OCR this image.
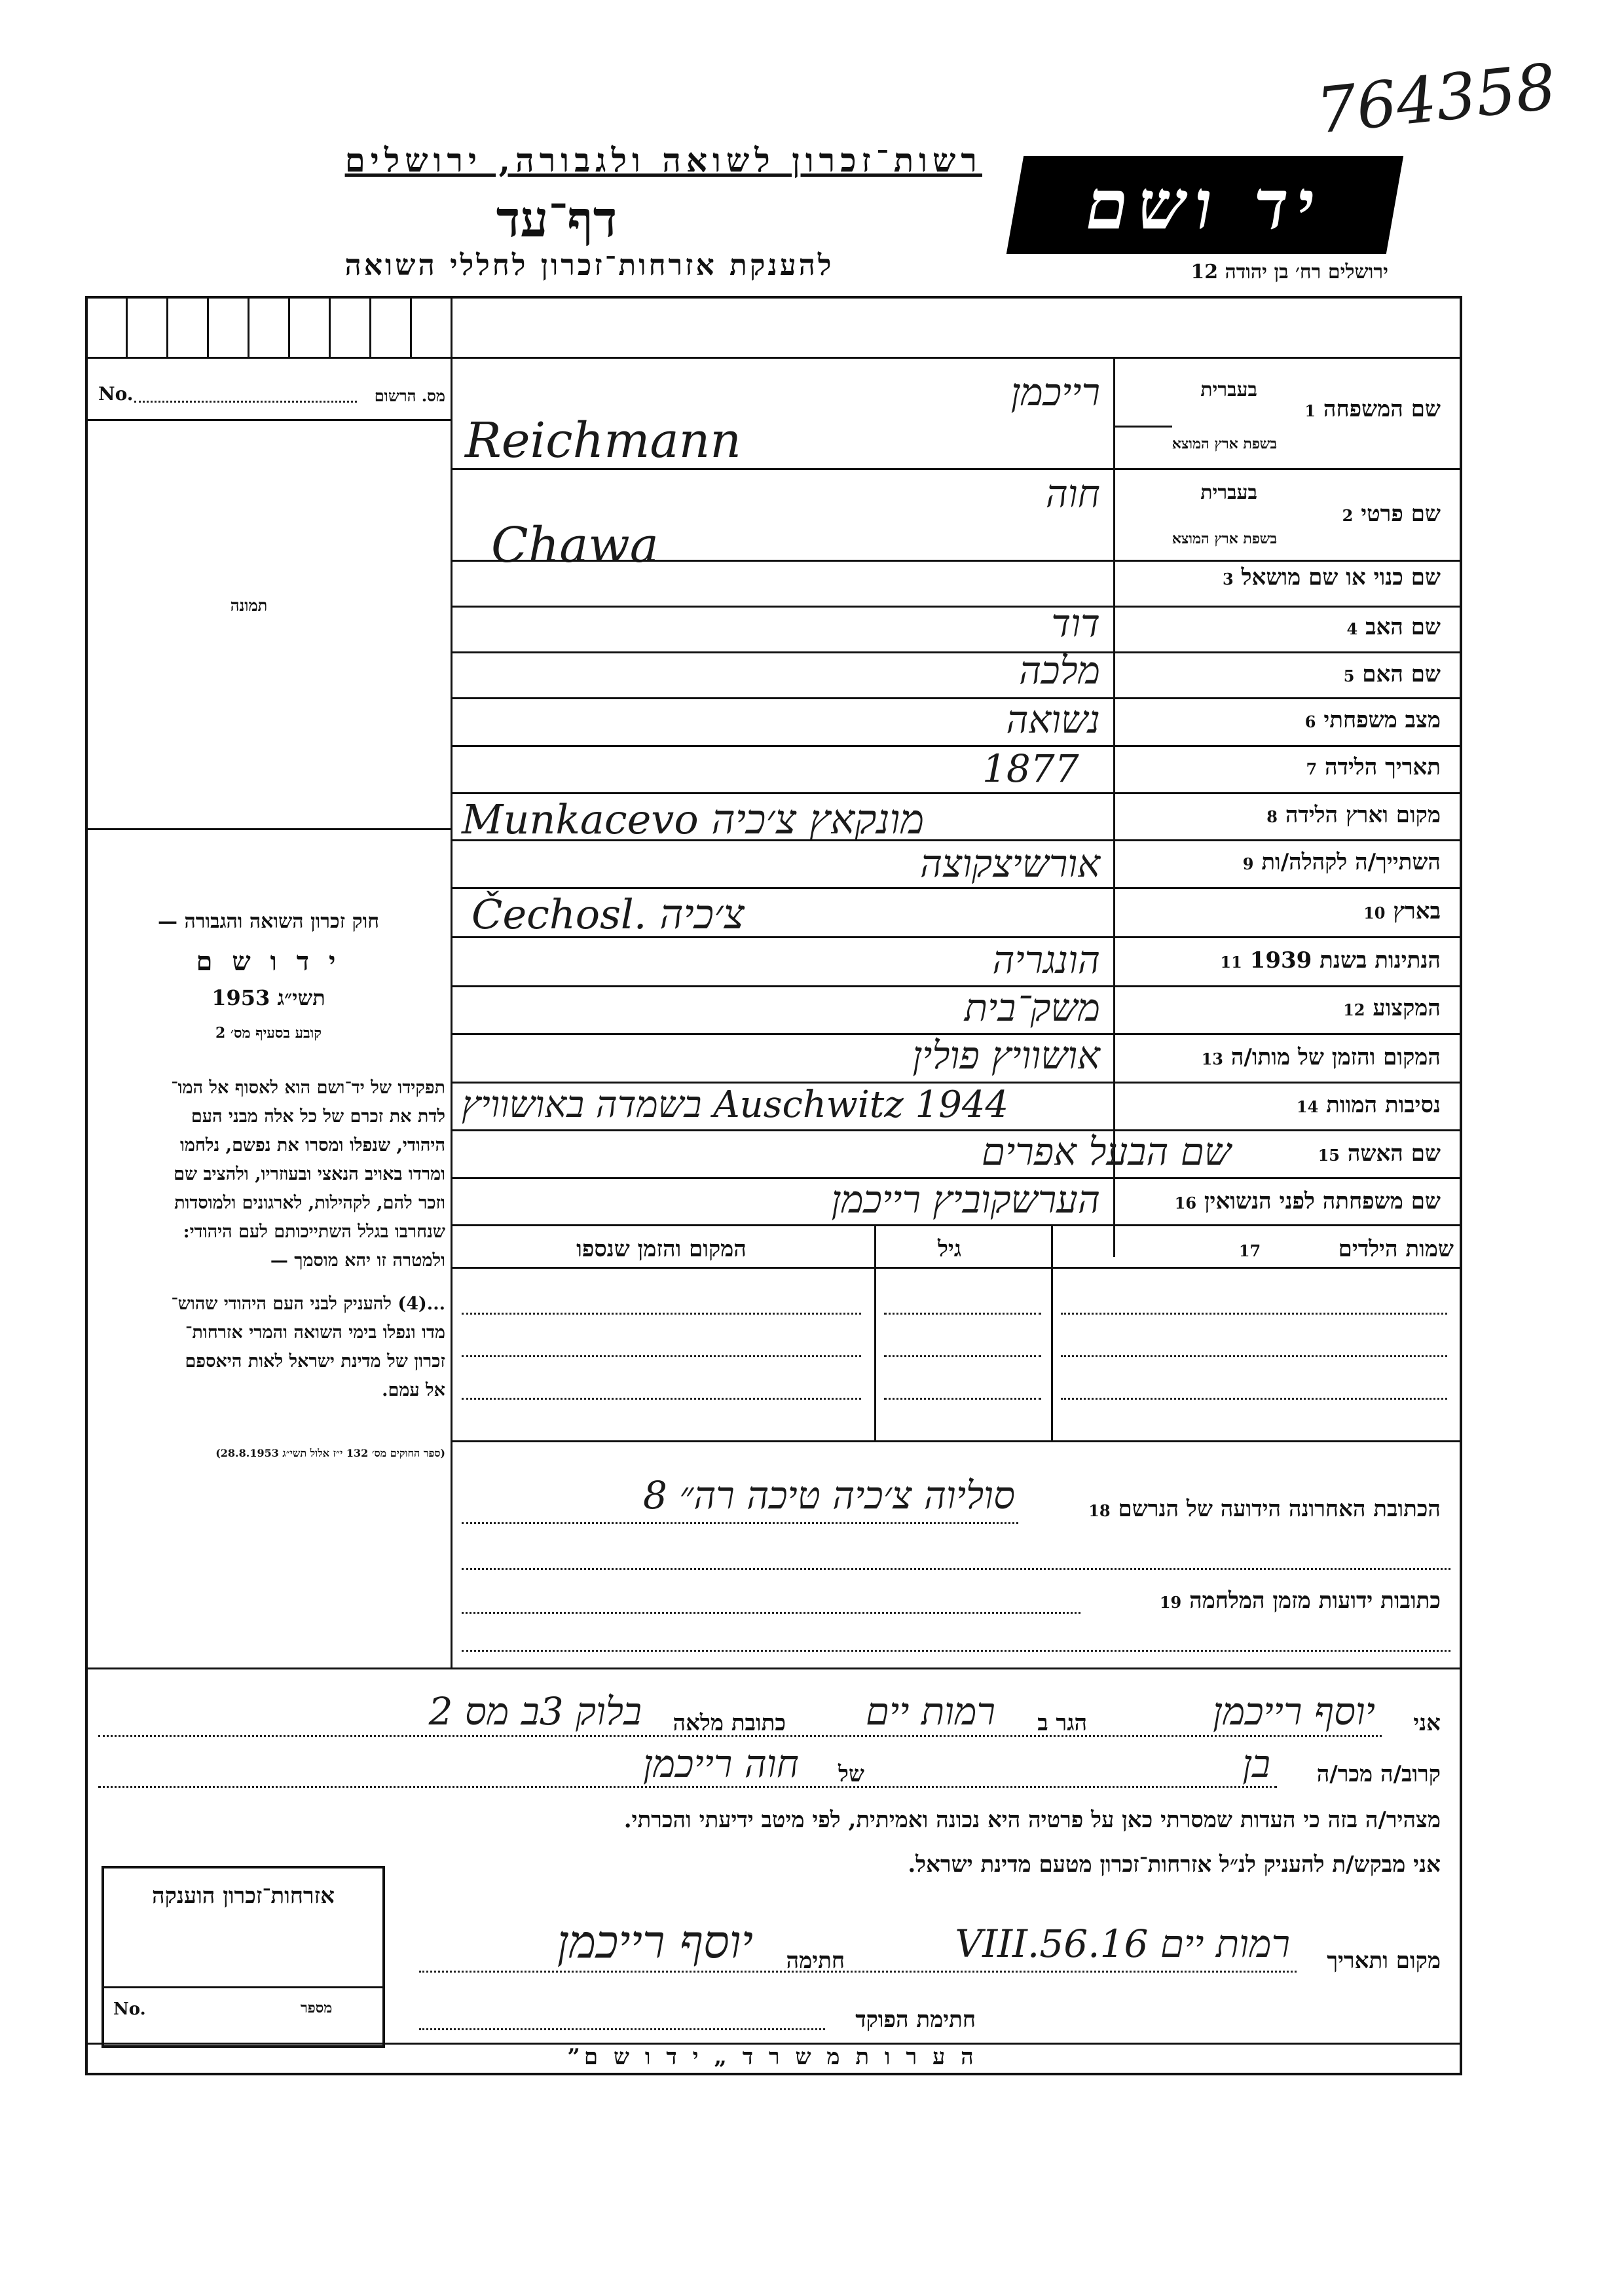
764358
רשות־זכרון לשואה ולגבורה, ירושלים
דף־עד
להענקת אזרחות־זכרון לחללי השואה
יד ושם
ירושלים רח׳ בן יהודה 12
No.	מס. הרשום
תמונה
חוק זכרון השואה והגבורה —
י ד ו ש ם
תשי״ג 1953
קובע בסעיף מס׳ 2
תפקידו של יד־ושם הוא לאסוף אל המו־
לדת את זכרם של כל אלה מבני העם
היהודי, שנפלו ומסרו את נפשם, נלחמו
ומרדו באויב הנאצי ובעוזריו, ולהציב שם
וזכר להם, לקהילות, לארגונים ולמוסדות
שנחרבו בגלל השתייכותם לעם היהודי:
ולמטרה זו יהא מוסמך —
...(4) להעניק לבני העם היהודי שהוש־
מדו ונפלו בימי השואה והמרי אזרחות־
זכרון של מדינת ישראל לאות היאספם
אל עמם.
(ספר החוקים מס׳ 132 י״ז אלול תשי״ג 28.8.1953)
שם המשפחה 1
בעברית
בשפת ארץ המוצא
רייכמן
Reichmann
שם פרטי 2
בעברית
בשפת ארץ המוצא
חוה
Chawa
שם כנוי או שם מושאל 3
שם האב 4
דוד
שם האם 5
מלכה
מצב משפחתי 6
נשואה
תאריך הלידה 7
1877
מקום וארץ הלידה 8
Munkacevo מונקאץ צ׳כיה
השתייך/ה לקהלה/ות 9
אורשיצקוצה
בארץ 10
Čechosl. צ׳כיה
הנתינות בשנת 1939 11
הונגריה
המקצוע 12
משק־בית
המקום והזמן של מותו/ה 13
אושוויץ פולין
נסיבות המוות 14
בשמדה באושוויץ Auschwitz 1944
שם האשה 15
שם הבעל אפרים
שם משפחתה לפני הנשואין 16
הערשקוביץ רייכמן
שמות הילדים          17
גיל
המקום והזמן שנספו
הכתובת האחרונה הידועה של הנרשם 18
סוליוה צ׳כיה טיכה רה״ 8
כתובות ידועות מזמן המלחמה 19
אני
יוסף רייכמן
הגר ב
רמות יים
כתובת מלאה
בלוק 3ב מס 2
קרוב/ה מכר/ה
בן
של
חוה רייכמן
מצהיר/ה בזה כי העדות שמסרתי כאן על פרטיה היא נכונה ואמיתית, לפי מיטב ידיעתי והכרתי.
אני מבקש/ת להעניק לנ״ל אזרחות־זכרון מטעם מדינת ישראל.
אזרחות־זכרון הוענקה
No.	מספר
מקום ותאריך
רמות יים 16.VIII.56
חתימה
יוסף רייכמן
חתימת הפוקד
ה ע ר ו ת מ ש ר ד „ י ד ו ש ם”
